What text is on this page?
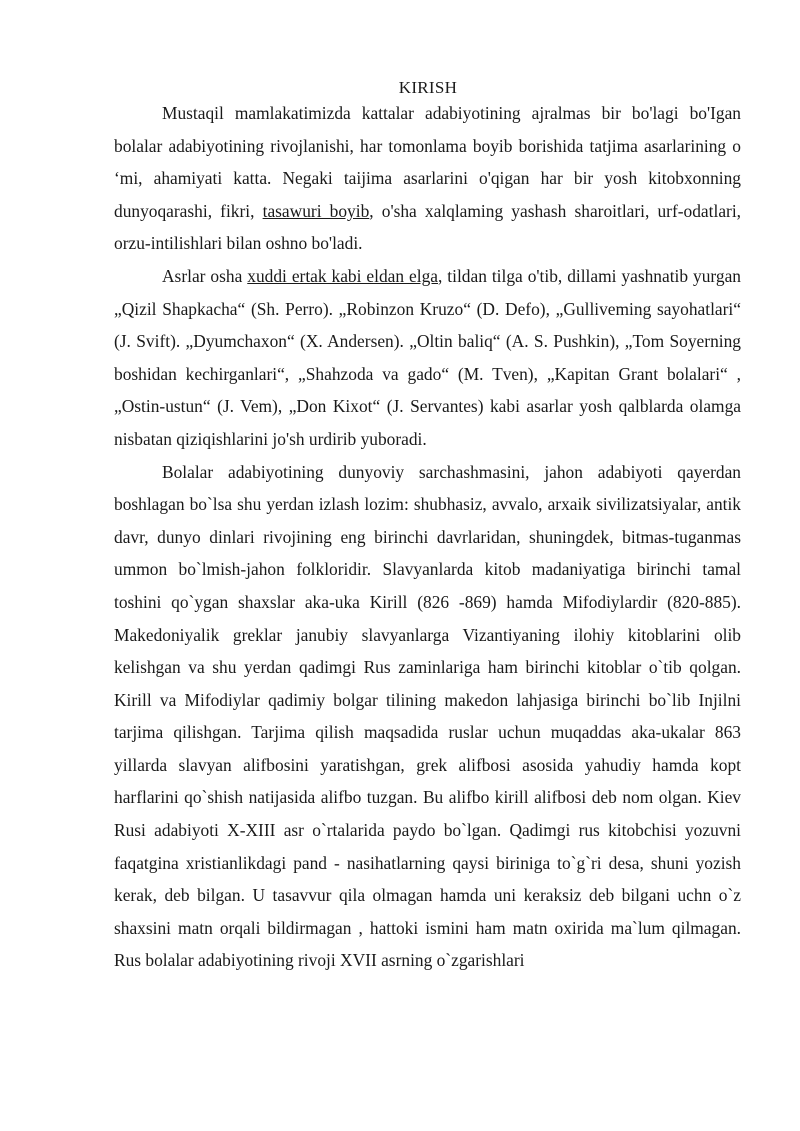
KIRISH

Mustaqil mamlakatimizda kattalar adabiyotining ajralmas bir bo'lagi bo'Igan bolalar adabiyotining rivojlanishi, har tomonlama boyib borishida tatjima asarlarining o ‘mi, ahamiyati katta. Negaki taijima asarlarini o'qigan har bir yosh kitobxonning dunyoqarashi, fikri, tasawuri boyib, o'sha xalqlaming yashash sharoitlari, urf-odatlari, orzu-intilishlari bilan oshno bo'ladi.

Asrlar osha xuddi ertak kabi eldan elga, tildan tilga o'tib, dillami yashnatib yurgan „Qizil Shapkacha“ (Sh. Perro). „Robinzon Kruzo“ (D. Defo), „Gulliveming sayohatlari“ (J. Svift). „Dyumchaxon“ (X. Andersen). „Oltin baliq“ (A. S. Pushkin), „Tom Soyerning boshidan kechirganlari“, „Shahzoda va gado“ (M. Tven), „Kapitan Grant bolalari“ , „Ostin-ustun“ (J. Vem), „Don Kixot“ (J. Servantes) kabi asarlar yosh qalblarda olamga nisbatan qiziqishlarini jo'sh urdirib yuboradi.

Bolalar adabiyotining dunyoviy sarchashmasini, jahon adabiyoti qayerdan boshlagan bo`lsa shu yerdan izlash lozim: shubhasiz, avvalo, arxaik sivilizatsiyalar, antik davr, dunyo dinlari rivojining eng birinchi davrlaridan, shuningdek, bitmas-tuganmas ummon bo`lmish-jahon folkloridir. Slavyanlarda kitob madaniyatiga birinchi tamal toshini qo`ygan shaxslar aka-uka Kirill (826 -869) hamda Mifodiylardir (820-885). Makedoniyalik greklar janubiy slavyanlarga Vizantiyaning ilohiy kitoblarini olib kelishgan va shu yerdan qadimgi Rus zaminlariga ham birinchi kitoblar o`tib qolgan. Kirill va Mifodiylar qadimiy bolgar tilining makedon lahjasiga birinchi bo`lib Injilni tarjima qilishgan. Tarjima qilish maqsadida ruslar uchun muqaddas aka-ukalar 863 yillarda slavyan alifbosini yaratishgan, grek alifbosi asosida yahudiy hamda kopt harflarini qo`shish natijasida alifbo tuzgan. Bu alifbo kirill alifbosi deb nom olgan. Kiev Rusi adabiyoti X-XIII asr o`rtalarida paydo bo`lgan. Qadimgi rus kitobchisi yozuvni faqatgina xristianlikdagi pand - nasihatlarning qaysi biriniga to`g`ri desa, shuni yozish kerak, deb bilgan. U tasavvur qila olmagan hamda uni keraksiz deb bilgani uchn o`z shaxsini matn orqali bildirmagan , hattoki ismini ham matn oxirida ma`lum qilmagan. Rus bolalar adabiyotining rivoji XVII asrning o`zgarishlari
